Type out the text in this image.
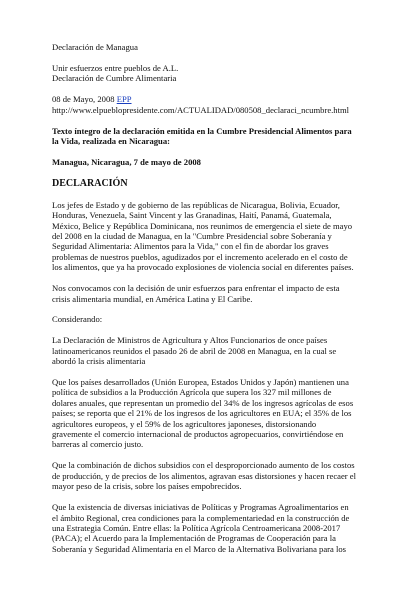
Declaración de Managua
Unir esfuerzos entre pueblos de A.L.
Declaración de Cumbre Alimentaria
08 de Mayo, 2008 EPP
http://www.elpueblopresidente.com/ACTUALIDAD/080508_declaraci_ncumbre.html
Texto íntegro de la declaración emitida en la Cumbre Presidencial Alimentos para
la Vida, realizada en Nicaragua:
Managua, Nicaragua, 7 de mayo de 2008
DECLARACIÓN
Los jefes de Estado y de gobierno de las repúblicas de Nicaragua, Bolivia, Ecuador,
Honduras, Venezuela, Saint Vincent y las Granadinas, Haití, Panamá, Guatemala,
México, Belice y República Dominicana, nos reunimos de emergencia el siete de mayo
del 2008 en la ciudad de Managua, en la "Cumbre Presidencial sobre Soberanía y
Seguridad Alimentaria: Alimentos para la Vida," con el fin de abordar los graves
problemas de nuestros pueblos, agudizados por el incremento acelerado en el costo de
los alimentos, que ya ha provocado explosiones de violencia social en diferentes países.
Nos convocamos con la decisión de unir esfuerzos para enfrentar el impacto de esta
crisis alimentaria mundial, en América Latina y El Caribe.
Considerando:
La Declaración de Ministros de Agricultura y Altos Funcionarios de once países
latinoamericanos reunidos el pasado 26 de abril de 2008 en Managua, en la cual se
abordó la crisis alimentaria
Que los países desarrollados (Unión Europea, Estados Unidos y Japón) mantienen una
política de subsidios a la Producción Agrícola que supera los 327 mil millones de
dolares anuales, que representan un promedio del 34% de los ingresos agrícolas de esos
países; se reporta que el 21% de los ingresos de los agricultores en EUA; el 35% de los
agricultores europeos, y el 59% de los agricultores japoneses, distorsionando
gravemente el comercio internacional de productos agropecuarios, convirtiéndose en
barreras al comercio justo.
Que la combinación de dichos subsidios con el desproporcionado aumento de los costos
de producción, y de precios de los alimentos, agravan esas distorsiones y hacen recaer el
mayor peso de la crisis, sobre los países empobrecidos.
Que la existencia de diversas iniciativas de Políticas y Programas Agroalimentarios en
el ámbito Regional, crea condiciones para la complementariedad en la construcción de
una Estrategia Común. Entre ellas: la Política Agrícola Centroamericana 2008-2017
(PACA); el Acuerdo para la Implementación de Programas de Cooperación para la
Soberanía y Seguridad Alimentaria en el Marco de la Alternativa Bolivariana para los
